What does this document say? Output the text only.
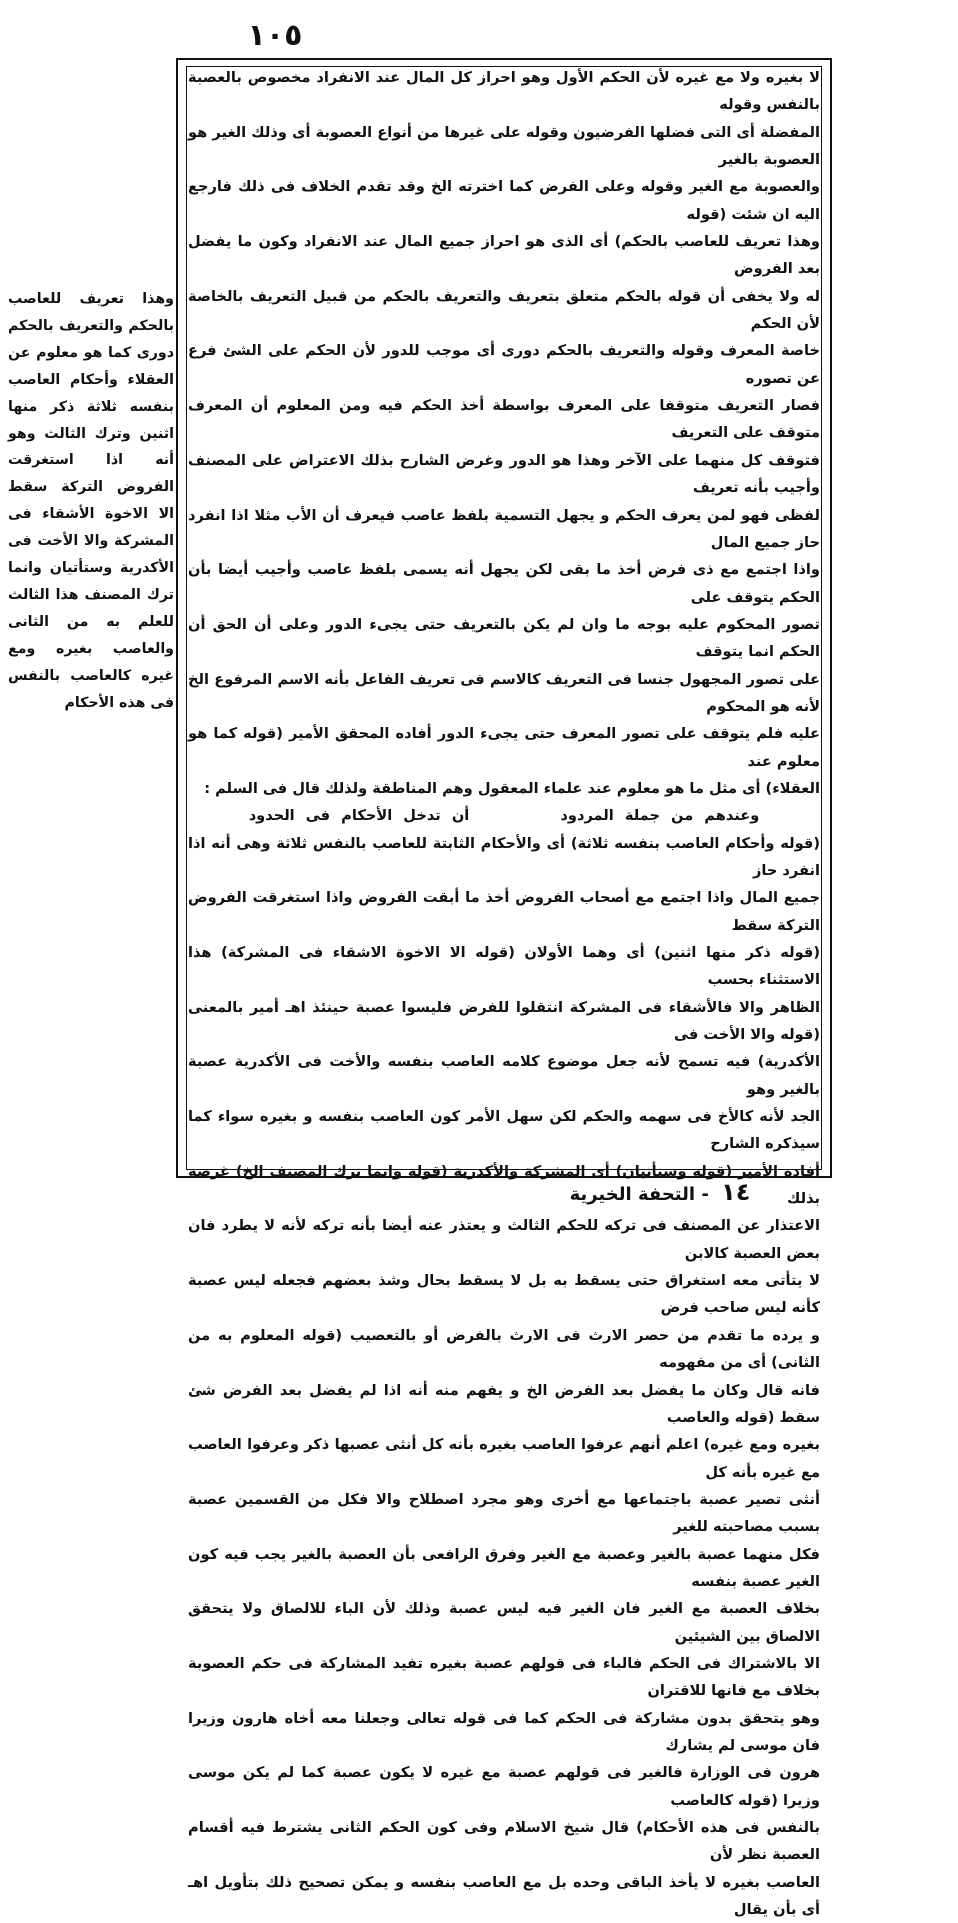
١٠٥

لا بغيره ولا مع غيره لأن الحكم الأول وهو احراز كل المال عند الانفراد مخصوص بالعصبة بالنفس وقوله

المفضلة أى التى فضلها الفرضيون وقوله على غيرها من أنواع العصوبة أى وذلك الغير هو العصوبة بالغير

والعصوبة مع الغير وقوله وعلى الفرض كما اخترته الخ وقد تقدم الخلاف فى ذلك فارجع اليه ان شئت (قوله

وهذا تعريف للعاصب بالحكم) أى الذى هو احراز جميع المال عند الانفراد وكون ما يفضل بعد الفروض

له ولا يخفى أن قوله بالحكم متعلق بتعريف والتعريف بالحكم من قبيل التعريف بالخاصة لأن الحكم

خاصة المعرف وقوله والتعريف بالحكم دورى أى موجب للدور لأن الحكم على الشئ فرع عن تصوره

فصار التعريف متوقفا على المعرف بواسطة أخذ الحكم فيه ومن المعلوم أن المعرف متوقف على التعريف

فتوقف كل منهما على الآخر وهذا هو الدور وغرض الشارح بذلك الاعتراض على المصنف وأجيب بأنه تعريف

لفظى فهو لمن يعرف الحكم و يجهل التسمية بلفظ عاصب فيعرف أن الأب مثلا اذا انفرد حاز جميع المال

واذا اجتمع مع ذى فرض أخذ ما بقى لكن يجهل أنه يسمى بلفظ عاصب وأجيب أيضا بأن الحكم يتوقف على

تصور المحكوم عليه بوجه ما وان لم يكن بالتعريف حتى يجىء الدور وعلى أن الحق أن الحكم انما يتوقف

على تصور المجهول جنسا فى التعريف كالاسم فى تعريف الفاعل بأنه الاسم المرفوع الخ لأنه هو المحكوم

عليه فلم يتوقف على تصور المعرف حتى يجىء الدور أفاده المحقق الأمير (قوله كما هو معلوم عند

العقلاء) أى مثل ما هو معلوم عند علماء المعقول وهم المناطقة ولذلك قال فى السلم :

وعندهم من جملة المردود أن تدخل الأحكام فى الحدود

(قوله وأحكام العاصب بنفسه ثلاثة) أى والأحكام الثابتة للعاصب بالنفس ثلاثة وهى أنه اذا انفرد حاز

جميع المال واذا اجتمع مع أصحاب الفروض أخذ ما أبقت الفروض واذا استغرقت الفروض التركة سقط

(قوله ذكر منها اثنين) أى وهما الأولان (قوله الا الاخوة الاشقاء فى المشركة) هذا الاستثناء بحسب

الظاهر والا فالأشقاء فى المشركة انتقلوا للفرض فليسوا عصبة حينئذ اهـ أمير بالمعنى (قوله والا الأخت فى

الأكدرية) فيه تسمح لأنه جعل موضوع كلامه العاصب بنفسه والأخت فى الأكدرية عصبة بالغير وهو

الجد لأنه كالأخ فى سهمه والحكم لكن سهل الأمر كون العاصب بنفسه و بغيره سواء كما سيذكره الشارح

أفاده الأمير (قوله وستأتيان) أى المشركة والأكدرية (قوله وانما ترك المصنف الخ) غرضه بذلك

الاعتذار عن المصنف فى تركه للحكم الثالث و يعتذر عنه أيضا بأنه تركه لأنه لا يطرد فان بعض العصبة كالابن

لا يتأتى معه استغراق حتى يسقط به بل لا يسقط بحال وشذ بعضهم فجعله ليس عصبة كأنه ليس صاحب فرض

و يرده ما تقدم من حصر الارث فى الارث بالفرض أو بالتعصيب (قوله المعلوم به من الثانى) أى من مفهومه

فانه قال وكان ما يفضل بعد الفرض الخ و يفهم منه أنه اذا لم يفضل بعد الفرض شئ سقط (قوله والعاصب

بغيره ومع غيره) اعلم أنهم عرفوا العاصب بغيره بأنه كل أنثى عصبها ذكر وعرفوا العاصب مع غيره بأنه كل

أنثى تصير عصبة باجتماعها مع أخرى وهو مجرد اصطلاح والا فكل من القسمين عصبة بسبب مصاحبته للغير

فكل منهما عصبة بالغير وعصبة مع الغير وفرق الرافعى بأن العصبة بالغير يجب فيه كون الغير عصبة بنفسه

بخلاف العصبة مع الغير فان الغير فيه ليس عصبة وذلك لأن الباء للالصاق ولا يتحقق الالصاق بين الشيئين

الا بالاشتراك فى الحكم فالباء فى قولهم عصبة بغيره تفيد المشاركة فى حكم العصوبة بخلاف مع فانها للاقتران

وهو يتحقق بدون مشاركة فى الحكم كما فى قوله تعالى وجعلنا معه أخاه هارون وزيرا فان موسى لم يشارك

هرون فى الوزارة فالغير فى قولهم عصبة مع غيره لا يكون عصبة كما لم يكن موسى وزيرا (قوله كالعاصب

بالنفس فى هذه الأحكام) قال شيخ الاسلام وفى كون الحكم الثانى يشترط فيه أقسام العصبة نظر لأن

العاصب بغيره لا يأخذ الباقى وحده بل مع العاصب بنفسه و يمكن تصحيح ذلك بتأويل اهـ أى بأن يقال

وهذا تعريف للعاصب بالحكم والتعريف بالحكم دورى كما هو معلوم عن العقلاء وأحكام العاصب بنفسه ثلاثة ذكر منها اثنين وترك الثالث وهو أنه اذا استغرقت الفروض التركة سقط الا الاخوة الأشقاء فى المشركة والا الأخت فى الأكدرية وستأتيان وانما ترك المصنف هذا الثالث للعلم به من الثانى والعاصب بغيره ومع غيره كالعاصب بالنفس فى هذه الأحكام
١٤ - التحفة الخيرية
